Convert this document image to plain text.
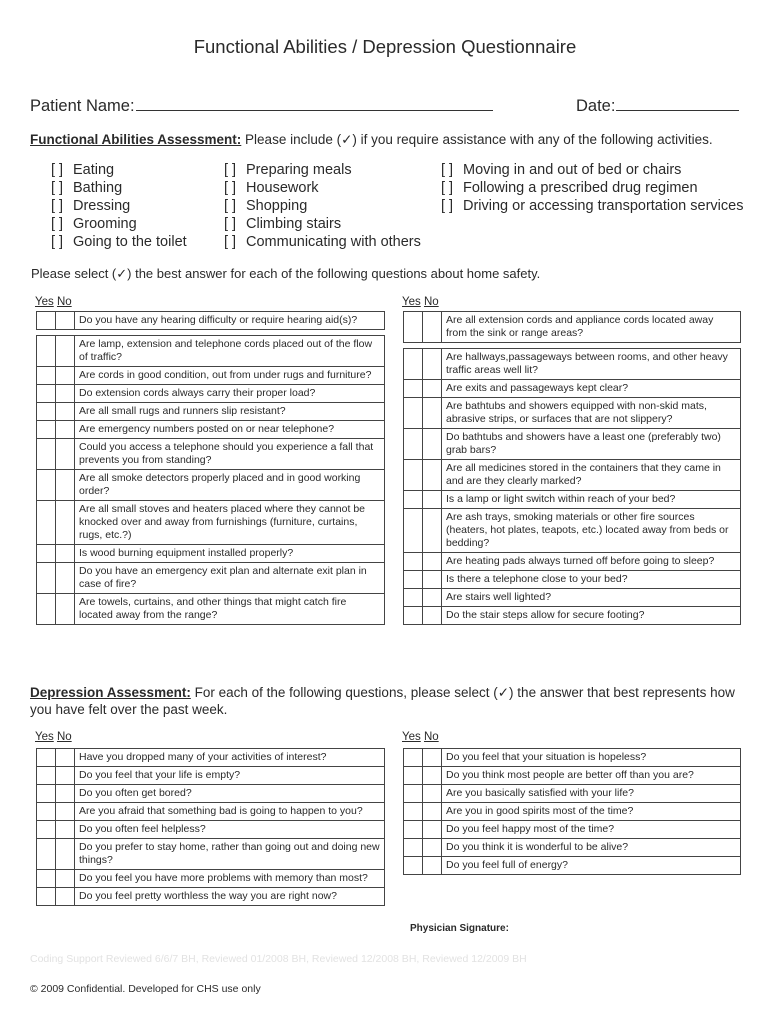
Functional Abilities / Depression Questionnaire
Patient Name:	Date:
Functional Abilities Assessment: Please include (✓) if you require assistance with any of the following activities.
[ ] Eating
[ ] Bathing
[ ] Dressing
[ ] Grooming
[ ] Going to the toilet
[ ] Preparing meals
[ ] Housework
[ ] Shopping
[ ] Climbing stairs
[ ] Communicating with others
[ ] Moving in and out of bed or chairs
[ ] Following a prescribed drug regimen
[ ] Driving or accessing transportation services
Please select (✓) the best answer for each of the following questions about home safety.
Yes No	Yes No
		Do you have any hearing difficulty or require hearing aid(s)?

		Are lamp, extension and telephone cords placed out of the flow of traffic?
		Are cords in good condition, out from under rugs and furniture?
		Do extension cords always carry their proper load?
		Are all small rugs and runners slip resistant?
		Are emergency numbers posted on or near telephone?
		Could you access a telephone should you experience a fall that prevents you from standing?
		Are all smoke detectors properly placed and in good working order?
		Are all small stoves and heaters placed where they cannot be knocked over and away from furnishings (furniture, curtains, rugs, etc.?)
		Is wood burning equipment installed properly?
		Do you have an emergency exit plan and alternate exit plan in case of fire?
		Are towels, curtains, and other things that might catch fire located away from the range?
		Are all extension cords and appliance cords located away from the sink or range areas?

		Are hallways,passageways between rooms, and other heavy traffic areas well lit?
		Are exits and passageways kept clear?
		Are bathtubs and showers equipped with non-skid mats, abrasive strips, or surfaces that are not slippery?
		Do bathtubs and showers have a least one (preferably two) grab bars?
		Are all medicines stored in the containers that they came in and are they clearly marked?
		Is a lamp or light switch within reach of your bed?
		Are ash trays, smoking materials or other fire sources (heaters, hot plates, teapots, etc.) located away from beds or bedding?
		Are heating pads always turned off before going to sleep?
		Is there a telephone close to your bed?
		Are stairs well lighted?
		Do the stair steps allow for secure footing?
Depression Assessment: For each of the following questions, please select (✓) the answer that best represents how you have felt over the past week.
Yes No	Yes No
		Have you dropped many of your activities of interest?
		Do you feel that your life is empty?
		Do you often get bored?
		Are you afraid that something bad is going to happen to you?
		Do you often feel helpless?
		Do you prefer to stay home, rather than going out and doing new things?
		Do you feel you have more problems with memory than most?
		Do you feel pretty worthless the way you are right now?
		Do you feel that your situation is hopeless?
		Do you think most people are better off than you are?
		Are you basically satisfied with your life?
		Are you in good spirits most of the time?
		Do you feel happy most of the time?
		Do you think it is wonderful to be alive?
		Do you feel full of energy?
Physician Signature:
Coding Support Reviewed 6/6/7 BH, Reviewed 01/2008 BH, Reviewed 12/2008 BH, Reviewed 12/2009 BH
© 2009 Confidential. Developed for CHS use only
